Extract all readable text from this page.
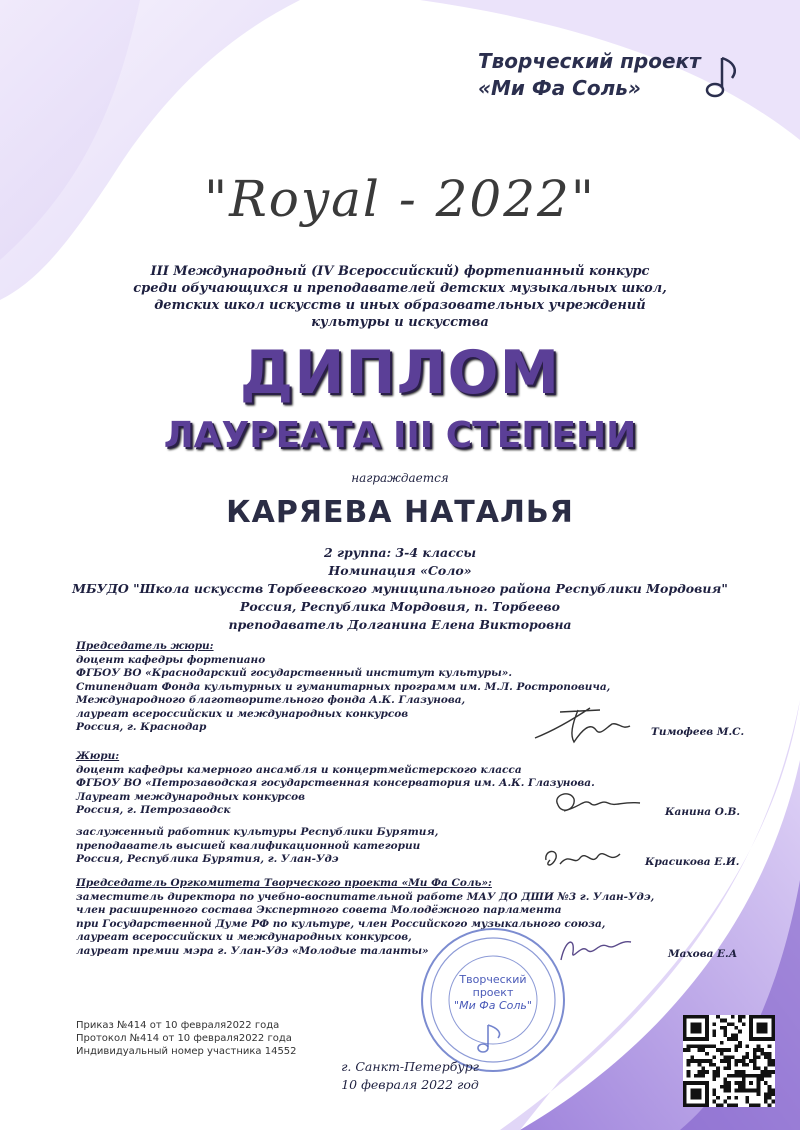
Творческий проект
«Ми Фа Соль»
"Royal - 2022"
III Международный (IV Всероссийский) фортепианный конкурс
среди обучающихся и преподавателей детских музыкальных школ,
детских школ искусств и иных образовательных учреждений
культуры и искусства
ДИПЛОМ
ЛАУРЕАТА III СТЕПЕНИ
награждается
КАРЯЕВА НАТАЛЬЯ
2 группа: 3-4 классы
Номинация «Соло»
МБУДО "Школа искусств Торбеевского муниципального района Республики Мордовия"
Россия, Республика Мордовия, п. Торбеево
преподаватель Долганина Елена Викторовна
Председатель жюри:
доцент кафедры фортепиано
ФГБОУ ВО «Краснодарский государственный институт культуры».
Стипендиат Фонда культурных и гуманитарных программ им. М.Л. Ростроповича,
Международного благотворительного фонда А.К. Глазунова,
лауреат всероссийских и международных конкурсов
Россия, г. Краснодар	Тимофеев М.С.
Жюри:
доцент кафедры камерного ансамбля и концертмейстерского класса
ФГБОУ ВО «Петрозаводская государственная консерватория им. А.К. Глазунова.
Лауреат международных конкурсов
Россия, г. Петрозаводск	Канина О.В.
заслуженный работник культуры Республики Бурятия,
преподаватель высшей квалификационной категории
Россия, Республика Бурятия, г. Улан-Удэ	Красикова Е.И.
Председатель Оргкомитета Творческого проекта «Ми Фа Соль»:
заместитель директора по учебно-воспитательной работе МАУ ДО ДШИ №3 г. Улан-Удэ,
член расширенного состава Экспертного совета Молодёжного парламента
при Государственной Думе РФ по культуре, член Российского музыкального союза,
лауреат всероссийских и международных конкурсов,
лауреат премии мэра г. Улан-Удэ «Молодые таланты»	Махова Е.А
Творческий
проект
"Ми Фа Соль"
Приказ №414 от 10 февраля2022 года
Протокол №414 от 10 февраля2022 года
Индивидуальный номер участника 14552
г. Санкт-Петербург
10 февраля 2022 год
